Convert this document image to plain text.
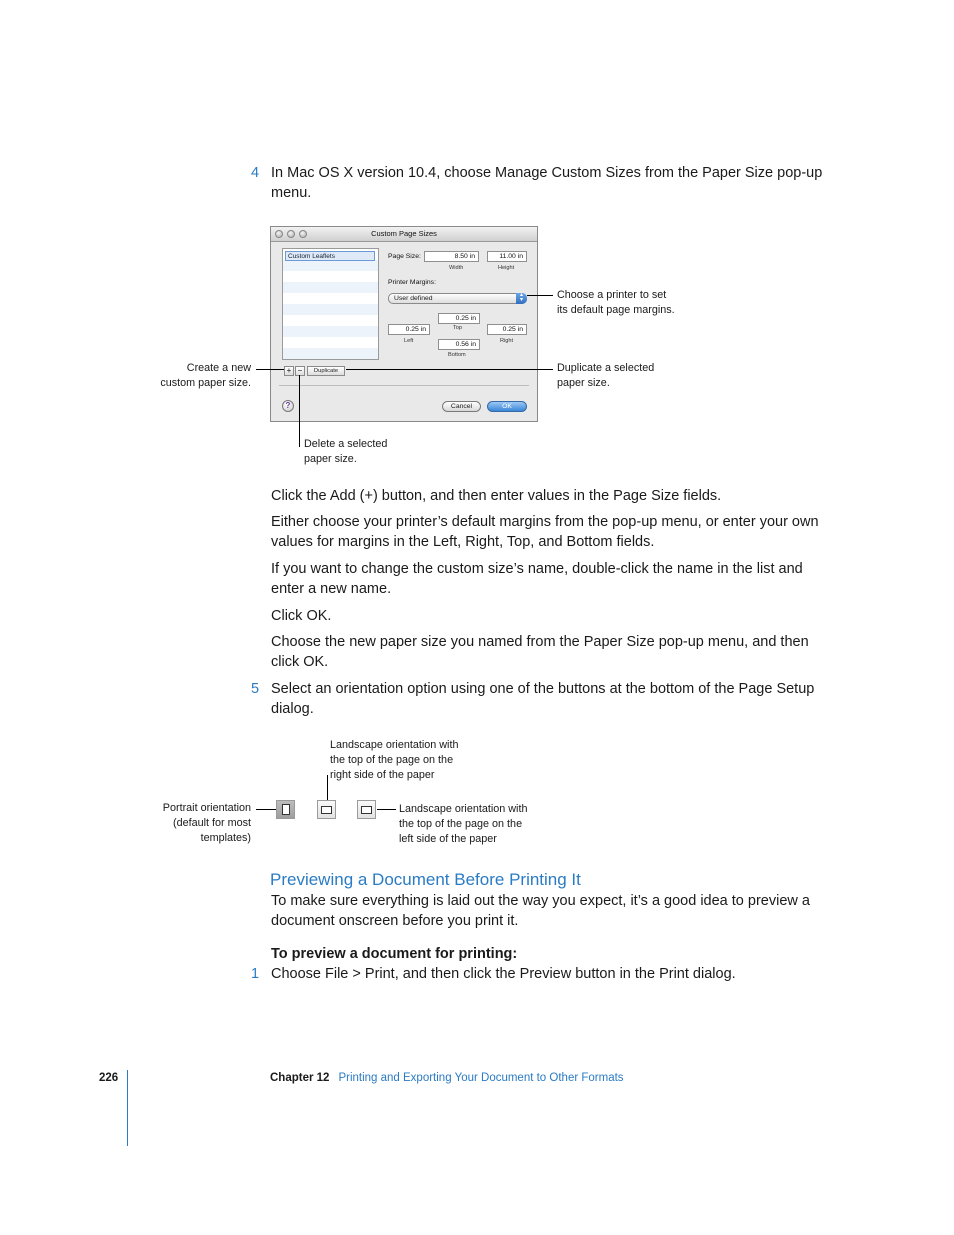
4 In Mac OS X version 10.4, choose Manage Custom Sizes from the Paper Size pop-up
menu.
Custom Page Sizes
Custom Leaflets	Page Size:	8.50 in	11.00 in
Width	Height
Printer Margins:
User defined	▴
▾
0.25 in
Top
0.25 in
Left
0.25 in
Right
0.56 in
Bottom
+ −	Duplicate
?	Cancel	OK
Create a new
custom paper size.
Choose a printer to set
its default page margins.
Duplicate a selected
paper size.
Delete a selected
paper size.
Click the Add (+) button, and then enter values in the Page Size fields.
Either choose your printer’s default margins from the pop-up menu, or enter your own
values for margins in the Left, Right, Top, and Bottom fields.
If you want to change the custom size’s name, double-click the name in the list and
enter a new name.
Click OK.
Choose the new paper size you named from the Paper Size pop-up menu, and then
click OK.
5 Select an orientation option using one of the buttons at the bottom of the Page Setup
dialog.
Landscape orientation with
the top of the page on the
right side of the paper
Portrait orientation
(default for most
templates)
Landscape orientation with
the top of the page on the
left side of the paper
Previewing a Document Before Printing It
To make sure everything is laid out the way you expect, it’s a good idea to preview a
document onscreen before you print it.
To preview a document for printing:
1 Choose File > Print, and then click the Preview button in the Print dialog.
226	Chapter 12 Printing and Exporting Your Document to Other Formats
